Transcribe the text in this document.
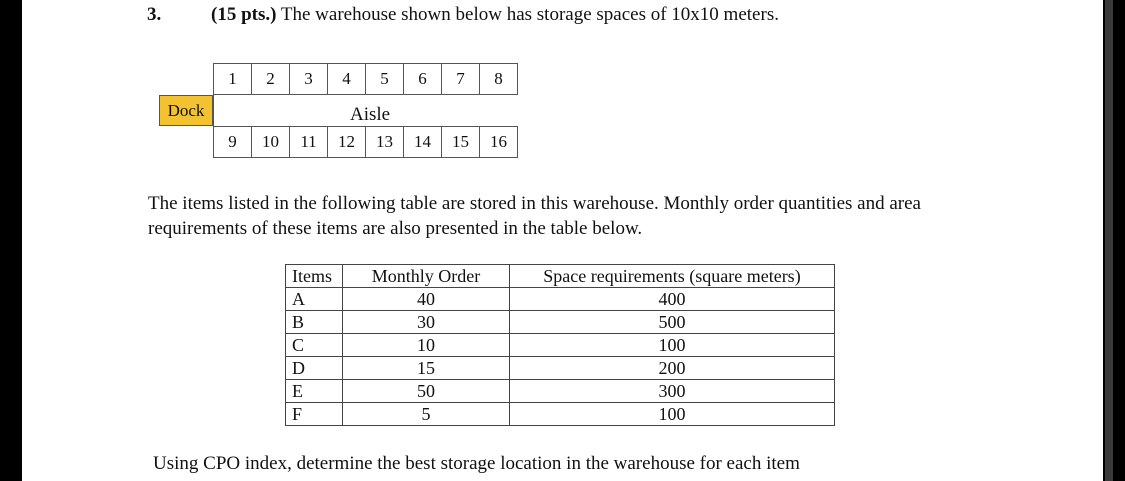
3.	(15 pts.) The warehouse shown below has storage spaces of 10x10 meters.
1	2	3	4	5	6	7	8
Dock	Aisle
9	10	11	12	13	14	15	16
The items listed in the following table are stored in this warehouse. Monthly order quantities and area requirements of these items are also presented in the table below.
Items	Monthly Order	Space requirements (square meters)
A	40	400
B	30	500
C	10	100
D	15	200
E	50	300
F	5	100
Using CPO index, determine the best storage location in the warehouse for each item
